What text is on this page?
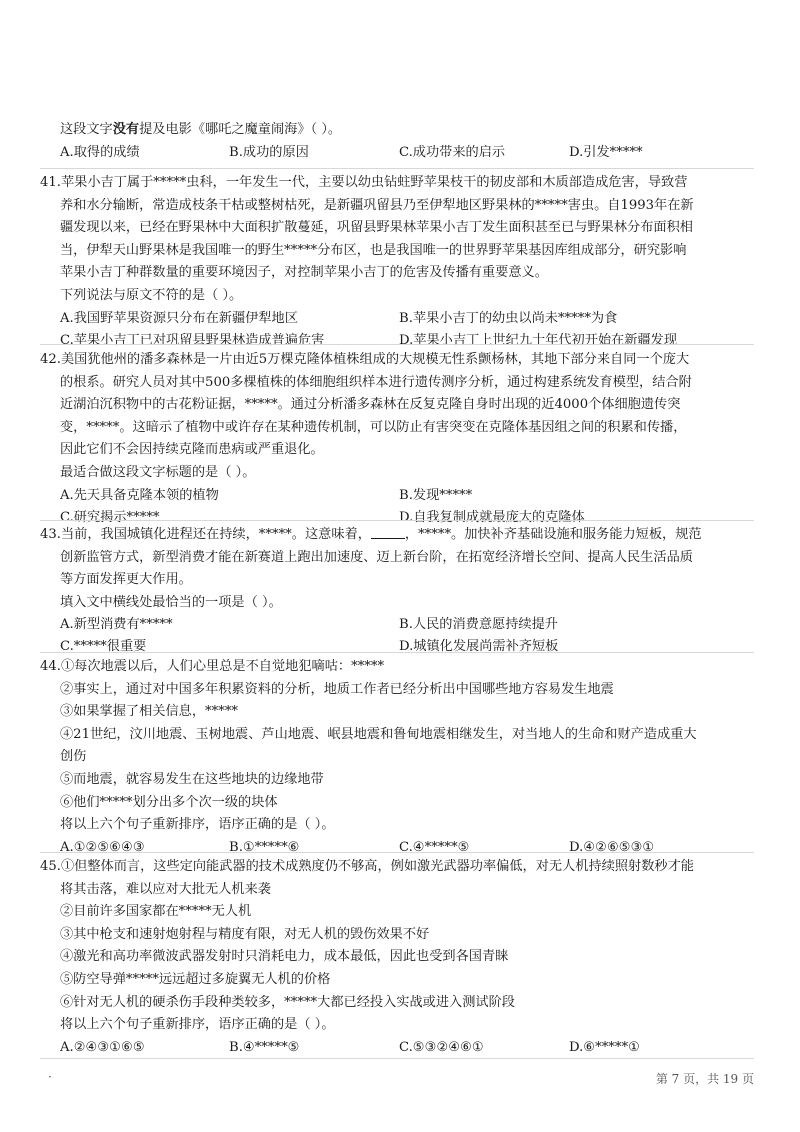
这段文字没有提及电影《哪吒之魔童闹海》（ ）。
A.取得的成绩	B.成功的原因	C.成功带来的启示	D.引发*****
41.苹果小吉丁属于*****虫科，一年发生一代，主要以幼虫钻蛀野苹果枝干的韧皮部和木质部造成危害，导致营
养和水分输断，常造成枝条干枯或整树枯死，是新疆巩留县乃至伊犁地区野果林的*****害虫。自1993年在新
疆发现以来，已经在野果林中大面积扩散蔓延，巩留县野果林苹果小吉丁发生面积甚至已与野果林分布面积相
当，伊犁天山野果林是我国唯一的野生*****分布区，也是我国唯一的世界野苹果基因库组成部分，研究影响
苹果小吉丁种群数量的重要环境因子，对控制苹果小吉丁的危害及传播有重要意义。
下列说法与原文不符的是（ ）。
A.我国野苹果资源只分布在新疆伊犁地区	B.苹果小吉丁的幼虫以尚未*****为食
C.苹果小吉丁已对巩留县野果林造成普遍危害	D.苹果小吉丁上世纪九十年代初开始在新疆发现
42.美国犹他州的潘多森林是一片由近5万棵克隆体植株组成的大规模无性系颤杨林，其地下部分来自同一个庞大
的根系。研究人员对其中500多棵植株的体细胞组织样本进行遗传测序分析，通过构建系统发育模型，结合附
近湖泊沉积物中的古花粉证据，*****。通过分析潘多森林在反复克隆自身时出现的近4000个体细胞遗传突
变，*****。这暗示了植物中或许存在某种遗传机制，可以防止有害突变在克隆体基因组之间的积累和传播，
因此它们不会因持续克隆而患病或严重退化。
最适合做这段文字标题的是（ ）。
A.先天具备克隆本领的植物	B.发现*****
C.研究揭示*****	D.自我复制成就最庞大的克隆体
43.当前，我国城镇化进程还在持续，*****。这意味着，	，*****。加快补齐基础设施和服务能力短板，规范
创新监管方式，新型消费才能在新赛道上跑出加速度、迈上新台阶，在拓宽经济增长空间、提高人民生活品质
等方面发挥更大作用。
填入文中横线处最恰当的一项是（ ）。
A.新型消费有*****	B.人民的消费意愿持续提升
C.*****很重要	D.城镇化发展尚需补齐短板
44.①每次地震以后，人们心里总是不自觉地犯嘀咕：*****
②事实上，通过对中国多年积累资料的分析，地质工作者已经分析出中国哪些地方容易发生地震
③如果掌握了相关信息，*****
④21世纪，汶川地震、玉树地震、芦山地震、岷县地震和鲁甸地震相继发生，对当地人的生命和财产造成重大
创伤
⑤而地震，就容易发生在这些地块的边缘地带
⑥他们*****划分出多个次一级的块体
将以上六个句子重新排序，语序正确的是（ ）。
A.①②⑤⑥④③	B.①*****⑥	C.④*****⑤	D.④②⑥⑤③①
45.①但整体而言，这些定向能武器的技术成熟度仍不够高，例如激光武器功率偏低，对无人机持续照射数秒才能
将其击落，难以应对大批无人机来袭
②目前许多国家都在*****无人机
③其中枪支和速射炮射程与精度有限，对无人机的毁伤效果不好
④激光和高功率微波武器发射时只消耗电力，成本最低，因此也受到各国青睐
⑤防空导弹*****远远超过多旋翼无人机的价格
⑥针对无人机的硬杀伤手段种类较多，*****大都已经投入实战或进入测试阶段
将以上六个句子重新排序，语序正确的是（ ）。
A.②④③①⑥⑤	B.④*****⑤	C.⑤③②④⑥①	D.⑥*****①
·	第 7 页，共 19 页
